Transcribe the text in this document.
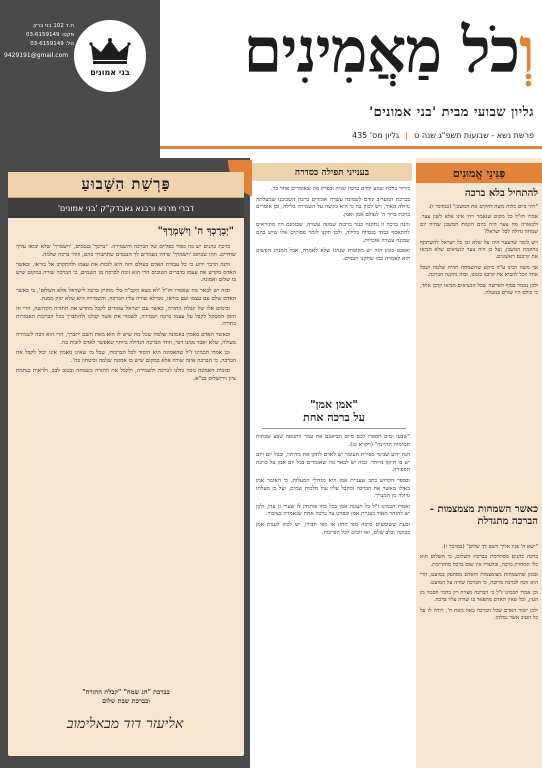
בני אמונים
ת.ד 102 בני ברק
פקס: 03-6159149
טל: 03-6159149
9429191@gmail.com	וְכֹל מַאֲמִינִים
גליון שבועי מבית 'בני אמונים'
פרשת נשא - שבועות תשפ"ג שנה ט
|
גליון מס' 435
פַּרְשַׁת הַשָּׁבוּעַ
דברי מרנא ורבנא גאבדק"ק 'בני אמונים'
"יְבָרֶכְךָ ה' וְיִשְׁמְרֶךָ"

ברכת כהנים יש בה כפלי כפליים של הברכה והשמירה. 'יברכך' בנכסים, 'וישמרך' שלא יבואו עליך שודדים. וזהו שכתוב 'וישמרך' שיהיו נשמרים לך הנכסים שתתברך בהם, וזוהי ברכה שלמה.

והנה הדבר ידוע כי כל עבודת האדם בעולם הזה היא לזכות את עצמו ולהתקרב אל בוראו, וכאשר האדם מקדש את עצמו בדברים הטובים הרי הוא זוכה לברכה מן השמים, כי הברכה שורה במקום שיש בו שלום ואמונה.

ובזה יש לבאר מה שאמרו חז"ל 'לא מצא הקב"ה כלי מחזיק ברכה לישראל אלא השלום', כי כאשר האדם שלם עם עצמו ועם בוראו, ממילא שורה עליו הברכה, והשמירה היא שלא ינזק ממנה.

ובימים אלו של קבלת התורה, כאשר עם ישראל עומדים לקבל מחדש את התורה הקדושה, הרי זה הזמן המסוגל לקבל על עצמו ברכה ושמירה, לשמור את אשר קבלנו ולהתברך בכל הברכות האמורות בתורה.

וכאשר האדם מאמין באמונה שלמה שכל מה שיש לו הוא מאת השם יתברך, הרי הוא זוכה לשמירה מעולה, שלא יאבד ממנו דבר, וזוהי הברכה הגדולה ביותר שאפשר לאדם לזכות בה.

וכן אמרו חכמינו ז"ל שהאמונה היא היסוד לכל הברכות, שכל מי שאינו מאמין אינו יכול לקבל את הברכה, כי הברכה אינה שורה אלא במקום שיש בו אמונה שלמה וביטחון בה'.

ובזכות האמונה נזכה כולנו לברכה ולשמירה, ולקבל את התורה בשמחה ובטוב לבב, ולראות בנחמת ציון וירושלים בב"א.

בברכת "חג שמח" "קבלת התורה"
ובברכת שבת שלום
אליעזר דוד מבאלימוב
בענייני תפילה כסדרה

בירור ברכת שמע קודם ברכה שניה ובפרק מה שאומרים אחר כך.

בברכת המעריב קודם לשמונה עשרה אומרים ברכת השכיבנו שמעלתה גדולה מאוד, ויש לכוון בה כי היא בקשה על השמירה בלילה, וכן אומרים ברכת ברוך ה' לעולם אמן ואמן.

והנה ברכה זו נתקנה כנגד ברכות שמונה עשרה, שבזמנם היו מתיראים להתאסף בבתי כנסיות בלילה, ולכן תקנו לומר פסוקים אלו שיש בהם שמונה עשרה אזכרות.

ואמנם בזמן הזה יש מקומות שנהגו שלא לאמרה, אבל המנהג הפשוט הוא לאמרה כמו שתקנו חכמים.

"אמן אמן"
על ברכה אחת

"שבעי ימים תספרו לכם מיום הביאכם את עמר התנופה שבע שבתות תמימות תהיינה" (ויקרא כג).

הנה ידוע שבימי ספירת העומר יש לאדם לתקן את מדותיו, ובכל יום ויום יש בו תיקון מיוחד. ובזה יש לבאר מה שאומרים בכל יום אמן על ברכת הספירה.

ובספר הקדוש כתב שעניית אמן היא מגדולי המעלות, כי האומר אמן כאילו מאשר את הברכה ומקבל עליו עול מלכות שמים, ועל כן מעלתו גדולה מן המברך.

ואמרו חכמינו ז"ל כל העונה אמן בכל כחו פותחין לו שערי גן עדן, ולכן יש להזהר מאוד בעניית אמן ובפרט על ברכה אחת שנאמרה בציבור.

ובעת ששומעים ברכה מפי החזן או מפי חבירו, יש לכוון לענות אמן בכוונה ובלב שלם, ואז זוכים לכל הברכות.

פַּנִּינֵי אֱמוּנִים
להתחיל בלא ברכה

"ויהי ביום כלות משה להקים את המשכן" (במדבר ז).

אמרו חז"ל כל מקום שנאמר ויהי אינו אלא לשון צער. ולכאורה מה צער היה ביום הקמת המשכן שהיה יום שמחה גדולה לכל ישראל?

ויש לומר שהצער היה על שלא זכו כל ישראל להשתתף בהקמת המשכן, ועל כן היה צער לנשיאים שלא הביאו את קרבנם ראשונים.

אך משה רבינו ע"ה ביקש שהשמחה תהיה שלמה ושכל אחד יוכל להביא את קרבנו בזמנו, ובזה נתקנה הברכה.

ולכן נאמר בסוף הפרשה שכל הנשיאים הביאו קרבן אחד, כי כולם היו שווים במעלה.

כאשר השמחות מצמצמות - הברכה מתגדלת

"ישא ה' פניו אליך וישם לך שלום" (במדבר ו).

ברכת כהנים מסתיימת בברכת השלום, כי השלום הוא כלי המחזיק ברכה, ובלעדיו אין שום ברכה מתקיימת.

ובזמן שהשמחות מצומצמות והאדם מסתפק במועט, הרי הוא זוכה לברכה מרובה, כי הברכה שורה על המועט.

וכן אמרו חכמינו ז"ל כי הברכה מצויה רק בדבר הסמוי מן העין, וכל שאין האדם מתפאר בו שורה עליו ברכה.

ולכן יזכור האדם שכל הברכה באה מאת ה', ויודה לו על כל הטוב אשר גמלהו.
